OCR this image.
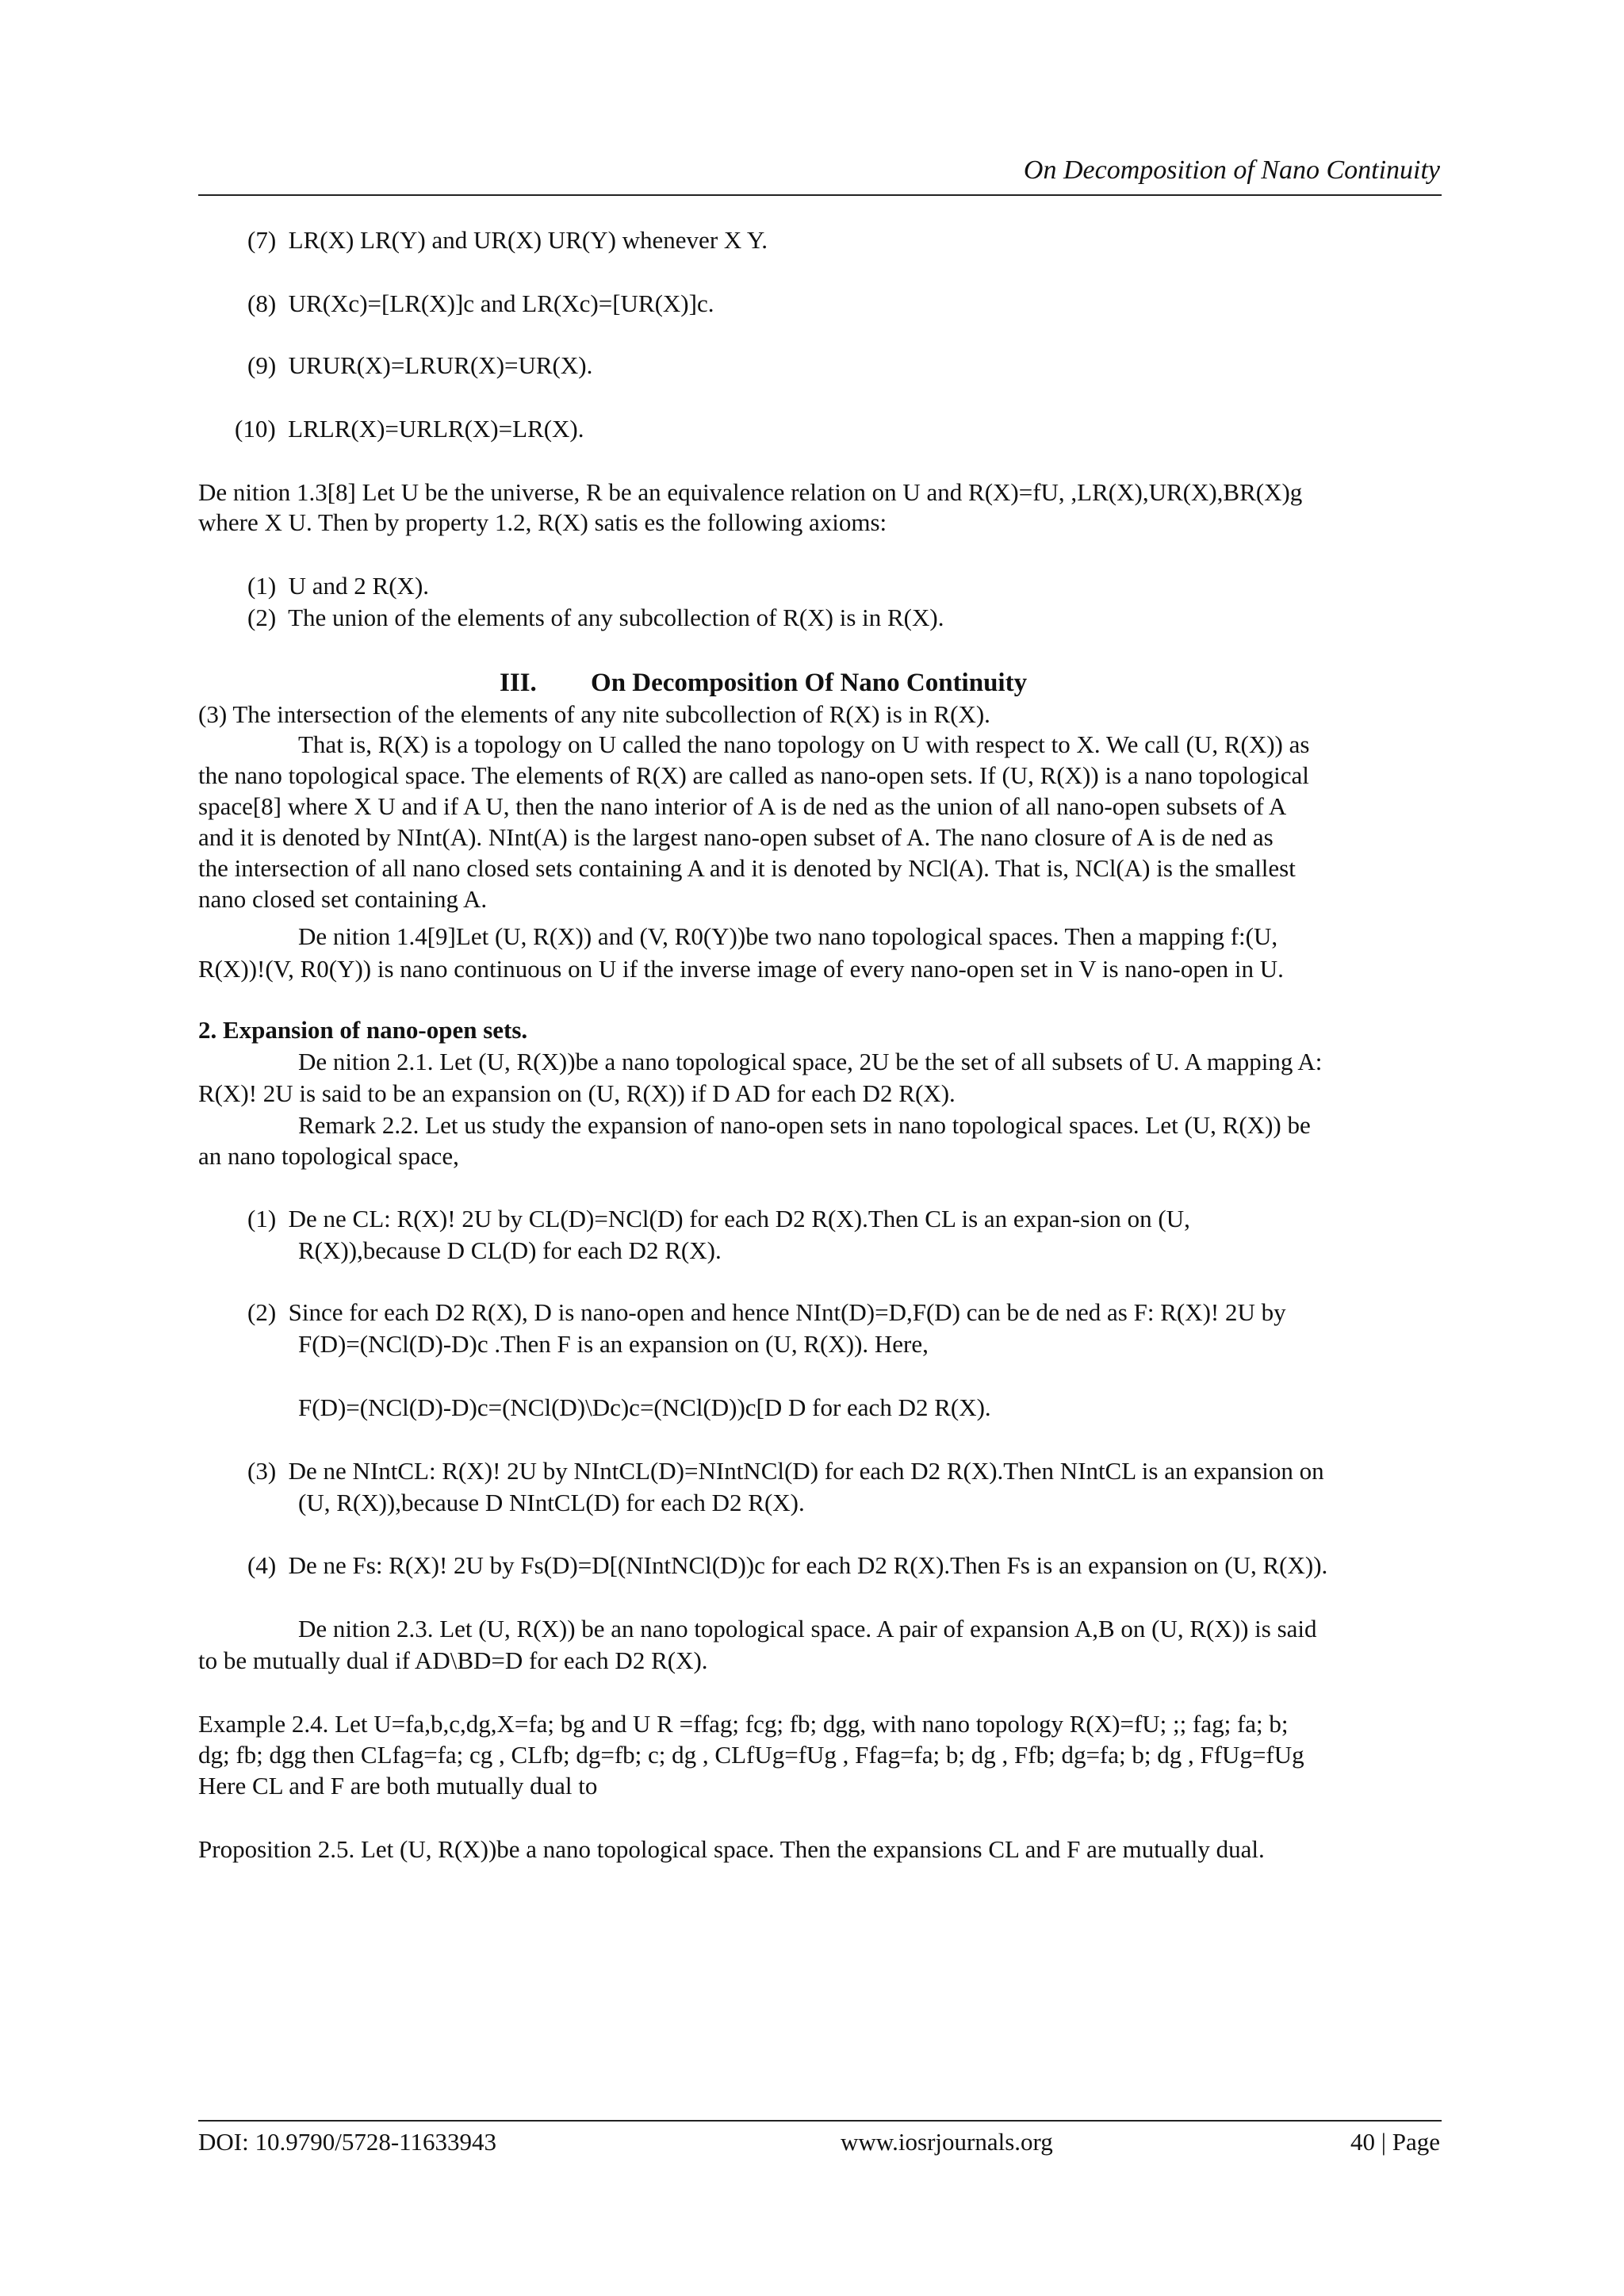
On Decomposition of Nano Continuity
(7) LR(X) LR(Y) and UR(X) UR(Y) whenever X Y.
(8) UR(Xc)=[LR(X)]c and LR(Xc)=[UR(X)]c.
(9) URUR(X)=LRUR(X)=UR(X).
(10) LRLR(X)=URLR(X)=LR(X).
De nition 1.3[8] Let U be the universe, R be an equivalence relation on U and R(X)=fU, ,LR(X),UR(X),BR(X)g
where X U. Then by property 1.2, R(X) satis es the following axioms:
(1) U and 2 R(X).
(2) The union of the elements of any subcollection of R(X) is in R(X).
III. On Decomposition Of Nano Continuity
(3) The intersection of the elements of any nite subcollection of R(X) is in R(X).
That is, R(X) is a topology on U called the nano topology on U with respect to X. We call (U, R(X)) as
the nano topological space. The elements of R(X) are called as nano-open sets. If (U, R(X)) is a nano topological
space[8] where X U and if A U, then the nano interior of A is de ned as the union of all nano-open subsets of A
and it is denoted by NInt(A). NInt(A) is the largest nano-open subset of A. The nano closure of A is de ned as
the intersection of all nano closed sets containing A and it is denoted by NCl(A). That is, NCl(A) is the smallest
nano closed set containing A.
De nition 1.4[9]Let (U, R(X)) and (V, R0(Y))be two nano topological spaces. Then a mapping f:(U,
R(X))!(V, R0(Y)) is nano continuous on U if the inverse image of every nano-open set in V is nano-open in U.
2. Expansion of nano-open sets.
De nition 2.1. Let (U, R(X))be a nano topological space, 2U be the set of all subsets of U. A mapping A:
R(X)! 2U is said to be an expansion on (U, R(X)) if D AD for each D2 R(X).
Remark 2.2. Let us study the expansion of nano-open sets in nano topological spaces. Let (U, R(X)) be
an nano topological space,
(1) De ne CL: R(X)! 2U by CL(D)=NCl(D) for each D2 R(X).Then CL is an expan-sion on (U,
R(X)),because D CL(D) for each D2 R(X).
(2) Since for each D2 R(X), D is nano-open and hence NInt(D)=D,F(D) can be de ned as F: R(X)! 2U by
F(D)=(NCl(D)-D)c .Then F is an expansion on (U, R(X)). Here,
F(D)=(NCl(D)-D)c=(NCl(D)\Dc)c=(NCl(D))c[D D for each D2 R(X).
(3) De ne NIntCL: R(X)! 2U by NIntCL(D)=NIntNCl(D) for each D2 R(X).Then NIntCL is an expansion on
(U, R(X)),because D NIntCL(D) for each D2 R(X).
(4) De ne Fs: R(X)! 2U by Fs(D)=D[(NIntNCl(D))c for each D2 R(X).Then Fs is an expansion on (U, R(X)).
De nition 2.3. Let (U, R(X)) be an nano topological space. A pair of expansion A,B on (U, R(X)) is said
to be mutually dual if AD\BD=D for each D2 R(X).
Example 2.4. Let U=fa,b,c,dg,X=fa; bg and U R =ffag; fcg; fb; dgg, with nano topology R(X)=fU; ;; fag; fa; b;
dg; fb; dgg then CLfag=fa; cg , CLfb; dg=fb; c; dg , CLfUg=fUg , Ffag=fa; b; dg , Ffb; dg=fa; b; dg , FfUg=fUg
Here CL and F are both mutually dual to
Proposition 2.5. Let (U, R(X))be a nano topological space. Then the expansions CL and F are mutually dual.
DOI: 10.9790/5728-11633943	www.iosrjournals.org	40 | Page
